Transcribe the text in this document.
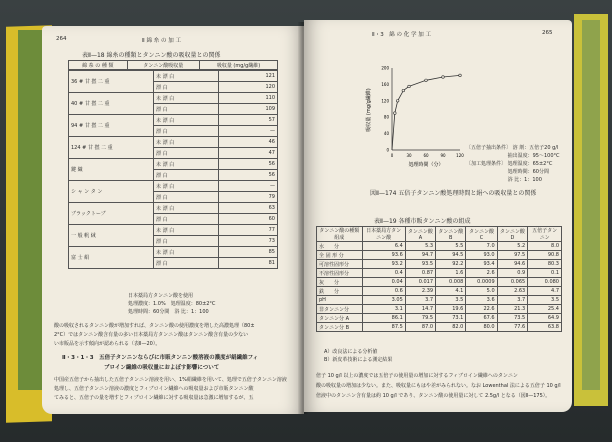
264	Ⅱ 綿 糸 の 加 工
表Ⅱ—18 綿糸の種類とタンニン酸の吸収量との関係
綿 糸 の 種 類	タンニン酸吸収量	吸収量 (mg/g繊維)
36 # 甘 撚 二 重	未 漂 白	121
	漂 白	120
40 # 甘 撚 二 重	未 漂 白	110
	漂 白	109
94 # 甘 撚 二 重	未 漂 白	57
	漂 白	—
124 # 甘 撚 二 重	未 漂 白	46
	漂 白	47
鍵 織	未 漂 白	56
	漂 白	56
シ ャ ン タ ン	未 漂 白	—
	漂 白	79
ブラックトーブ	未 漂 白	63
	漂 白	60
一 般 帆 絨	未 漂 白	77
	漂 白	73
富 士 絹	未 漂 白	85
	漂 白	81
日本薬局方タンニン酸を使用
処理濃度：1.0%　処理温度：80±2°C
処理時間：60分間　浴 比：1：100
酸の吸収されるタンニン酸が増加すれば、タンニン酸の使用濃度を増した高濃処理（80±
2°C）ではタンニン酸含有量の多い日本薬局方タンニン酸はタンニン酸含有量の少ない
い市販品を示す傾向が認められる（表Ⅱ—20）。
Ⅱ・3・1・3　五倍子タンニンならびに市販タンニン酸溶液の濃度が絹繊維フィ
ブロイン繊維の吸収量におよぼす影響について
中国産五倍子から抽出した五倍子タンニン溶液を用い、1%絹繊維を用いて、処理で五倍子タンニン溶液
処理し、五倍子タンニン溶液の濃度とフィブロイン繊維への吸収量および市販タンニン酸
てみると、五倍子の量を増すとフィブロイン繊維に対する吸収量は急激に増加するが、五
Ⅱ・3　綿 の 化 学 加 工	265
0	30	60	90	120
0
40
80
120
160
200
処理時間（分）
吸収量 (mg/g繊維)
〔五倍子抽出条件〕 溶 剤：五倍子20 g/l
　　　　　　　　 抽出温度：95～100°C
〔加工処理条件〕 処理温度：65±2°C
　　　　　　　　 処理時間：60分間
　　　　　　　　 浴 比：1：100
図Ⅱ—174 五倍子タンニン酸処理時間と絹への吸収量との関係
表Ⅱ—19 各種市販タンニン酸の組成
タンニン酸の種類 組成	日本薬局方タンニン酸	タンニン酸 A	タンニン酸 B	タンニン酸 C	タンニン酸 D	五倍子タンニン
水　　分	6.4	5.3	5.5	7.0	5.2	8.0
全 固 形 分	93.6	94.7	94.5	93.0	97.5	90.8
可溶性固形分	93.2	93.5	92.2	93.4	94.6	80.3
不溶性固形分	0.4	0.87	1.6	2.6	0.9	0.1
灰　　分	0.04	0.017	0.008	0.0009	0.065	0.080
鉄　　分	0.6	2.39	4.1	5.0	2.63	4.7
pH	3.05	3.7	3.5	3.6	3.7	3.5
非タンニン分	3.1	14.7	19.6	22.6	21.3	25.4
タンニン分 A	86.1	79.5	73.1	67.6	73.5	64.9
タンニン分 B	87.5	87.0	82.0	80.0	77.6	63.8
A）改良法による分析値
B）新皮革技術による測定結果
倍子 10 g/l 以上の濃度では五倍子の使用量の増加に対するフィブロイン繊維へのタンニン
酸の吸収量の増加は少ない。また、吸収量にもはや差がみられない。なお Lowenthal 法による五倍子 10 g/l
倍液中のタンニン含有量は約 10 g/l であり、タンニン酸の使用量に対して 2.5g/l となる（図Ⅱ—175）。
